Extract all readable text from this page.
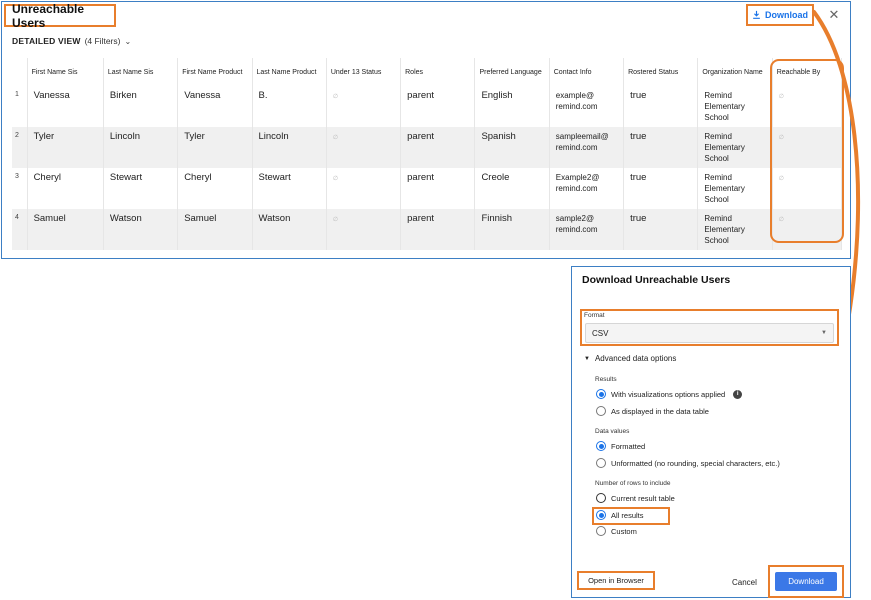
Unreachable Users
Download ✕
DETAILED VIEW (4 Filters) ⌄
	First Name Sis	Last Name Sis	First Name Product	Last Name Product	Under 13 Status	Roles	Preferred Language	Contact Info	Rostered Status	Organization Name	Reachable By
1	Vanessa	Birken	Vanessa	B.	∅	parent	English	example@ remind.com	true	Remind Elementary School	∅
2	Tyler	Lincoln	Tyler	Lincoln	∅	parent	Spanish	sampleemail@ remind.com	true	Remind Elementary School	∅
3	Cheryl	Stewart	Cheryl	Stewart	∅	parent	Creole	Example2@ remind.com	true	Remind Elementary School	∅
4	Samuel	Watson	Samuel	Watson	∅	parent	Finnish	sample2@ remind.com	true	Remind Elementary School	∅
Download Unreachable Users
Format
CSV	▼
▼ Advanced data options
Results
With visualizations options applied	i
As displayed in the data table
Data values
Formatted
Unformatted (no rounding, special characters, etc.)
Number of rows to include
Current result table
All results
Custom
Open in Browser	Cancel	Download
